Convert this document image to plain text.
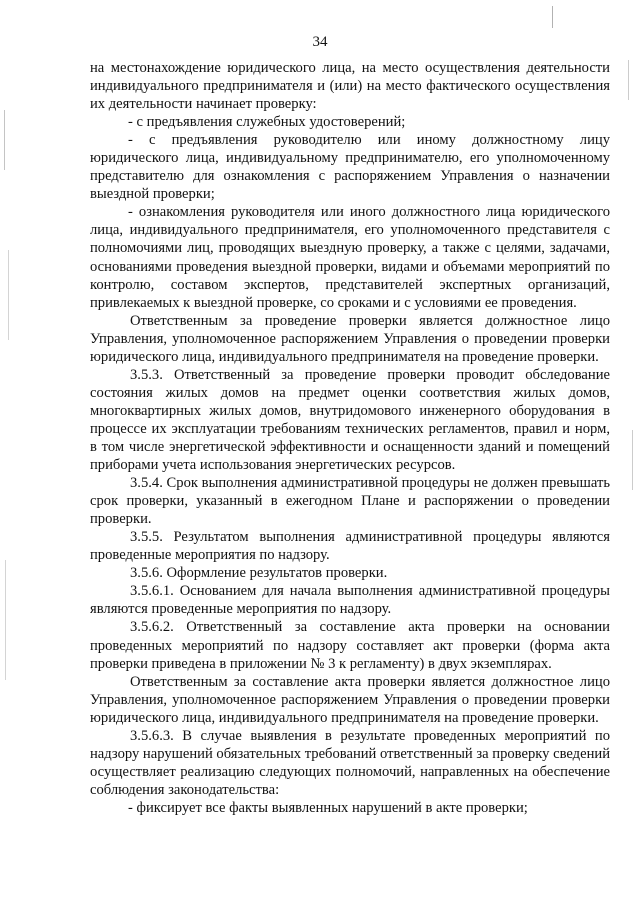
34

на местонахождение юридического лица, на место осуществления деятельности индивидуального предпринимателя и (или) на место фактического осуществления их деятельности начинает проверку:

- с предъявления служебных удостоверений;

- с предъявления руководителю или иному должностному лицу юридического лица, индивидуальному предпринимателю, его уполномоченному представителю для ознакомления с распоряжением Управления о назначении выездной проверки;

- ознакомления руководителя или иного должностного лица юридического лица, индивидуального предпринимателя, его уполномоченного представителя с полномочиями лиц, проводящих выездную проверку, а также с целями, задачами, основаниями проведения выездной проверки, видами и объемами мероприятий по контролю, составом экспертов, представителей экспертных организаций, привлекаемых к выездной проверке, со сроками и с условиями ее проведения.

Ответственным за проведение проверки является должностное лицо Управления, уполномоченное распоряжением Управления о проведении проверки юридического лица, индивидуального предпринимателя на проведение проверки.

3.5.3. Ответственный за проведение проверки проводит обследование состояния жилых домов на предмет оценки соответствия жилых домов, многоквартирных жилых домов, внутридомового инженерного оборудования в процессе их эксплуатации требованиям технических регламентов, правил и норм, в том числе энергетической эффективности и оснащенности зданий и помещений приборами учета использования энергетических ресурсов.

3.5.4. Срок выполнения административной процедуры не должен превышать срок проверки, указанный в ежегодном Плане и распоряжении о проведении проверки.

3.5.5. Результатом выполнения административной процедуры являются проведенные мероприятия по надзору.

3.5.6. Оформление результатов проверки.

3.5.6.1. Основанием для начала выполнения административной процедуры являются проведенные мероприятия по надзору.

3.5.6.2. Ответственный за составление акта проверки на основании проведенных мероприятий по надзору составляет акт проверки (форма акта проверки приведена в приложении № 3 к регламенту) в двух экземплярах.

Ответственным за составление акта проверки является должностное лицо Управления, уполномоченное распоряжением Управления о проведении проверки юридического лица, индивидуального предпринимателя на проведение проверки.

3.5.6.3. В случае выявления в результате проведенных мероприятий по надзору нарушений обязательных требований ответственный за проверку сведений осуществляет реализацию следующих полномочий, направленных на обеспечение соблюдения законодательства:

- фиксирует все факты выявленных нарушений в акте проверки;
